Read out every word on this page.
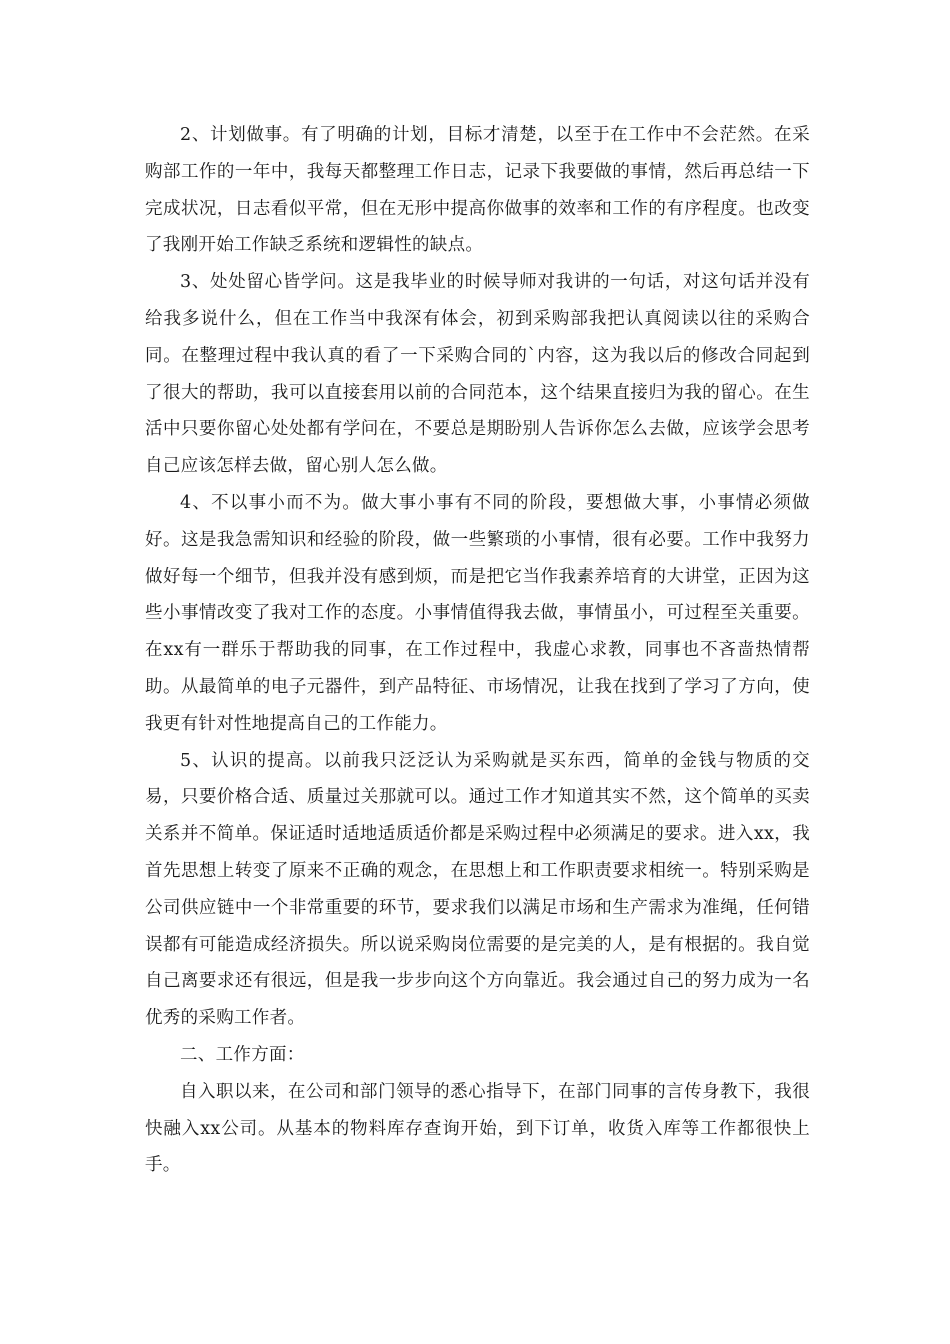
2、计划做事。有了明确的计划，目标才清楚，以至于在工作中不会茫然。在采购部工作的一年中，我每天都整理工作日志，记录下我要做的事情，然后再总结一下完成状况，日志看似平常，但在无形中提高你做事的效率和工作的有序程度。也改变了我刚开始工作缺乏系统和逻辑性的缺点。

3、处处留心皆学问。这是我毕业的时候导师对我讲的一句话，对这句话并没有给我多说什么，但在工作当中我深有体会，初到采购部我把认真阅读以往的采购合同。在整理过程中我认真的看了一下采购合同的`内容，这为我以后的修改合同起到了很大的帮助，我可以直接套用以前的合同范本，这个结果直接归为我的留心。在生活中只要你留心处处都有学问在，不要总是期盼别人告诉你怎么去做，应该学会思考自己应该怎样去做，留心别人怎么做。

4、不以事小而不为。做大事小事有不同的阶段，要想做大事，小事情必须做好。这是我急需知识和经验的阶段，做一些繁琐的小事情，很有必要。工作中我努力做好每一个细节，但我并没有感到烦，而是把它当作我素养培育的大讲堂，正因为这些小事情改变了我对工作的态度。小事情值得我去做，事情虽小，可过程至关重要。在xx有一群乐于帮助我的同事，在工作过程中，我虚心求教，同事也不吝啬热情帮助。从最简单的电子元器件，到产品特征、市场情况，让我在找到了学习了方向，使我更有针对性地提高自己的工作能力。

5、认识的提高。以前我只泛泛认为采购就是买东西，简单的金钱与物质的交易，只要价格合适、质量过关那就可以。通过工作才知道其实不然，这个简单的买卖关系并不简单。保证适时适地适质适价都是采购过程中必须满足的要求。进入xx，我首先思想上转变了原来不正确的观念，在思想上和工作职责要求相统一。特别采购是公司供应链中一个非常重要的环节，要求我们以满足市场和生产需求为准绳，任何错误都有可能造成经济损失。所以说采购岗位需要的是完美的人，是有根据的。我自觉自己离要求还有很远，但是我一步步向这个方向靠近。我会通过自己的努力成为一名优秀的采购工作者。

二、工作方面：

自入职以来，在公司和部门领导的悉心指导下，在部门同事的言传身教下，我很快融入xx公司。从基本的物料库存查询开始，到下订单，收货入库等工作都很快上手。
